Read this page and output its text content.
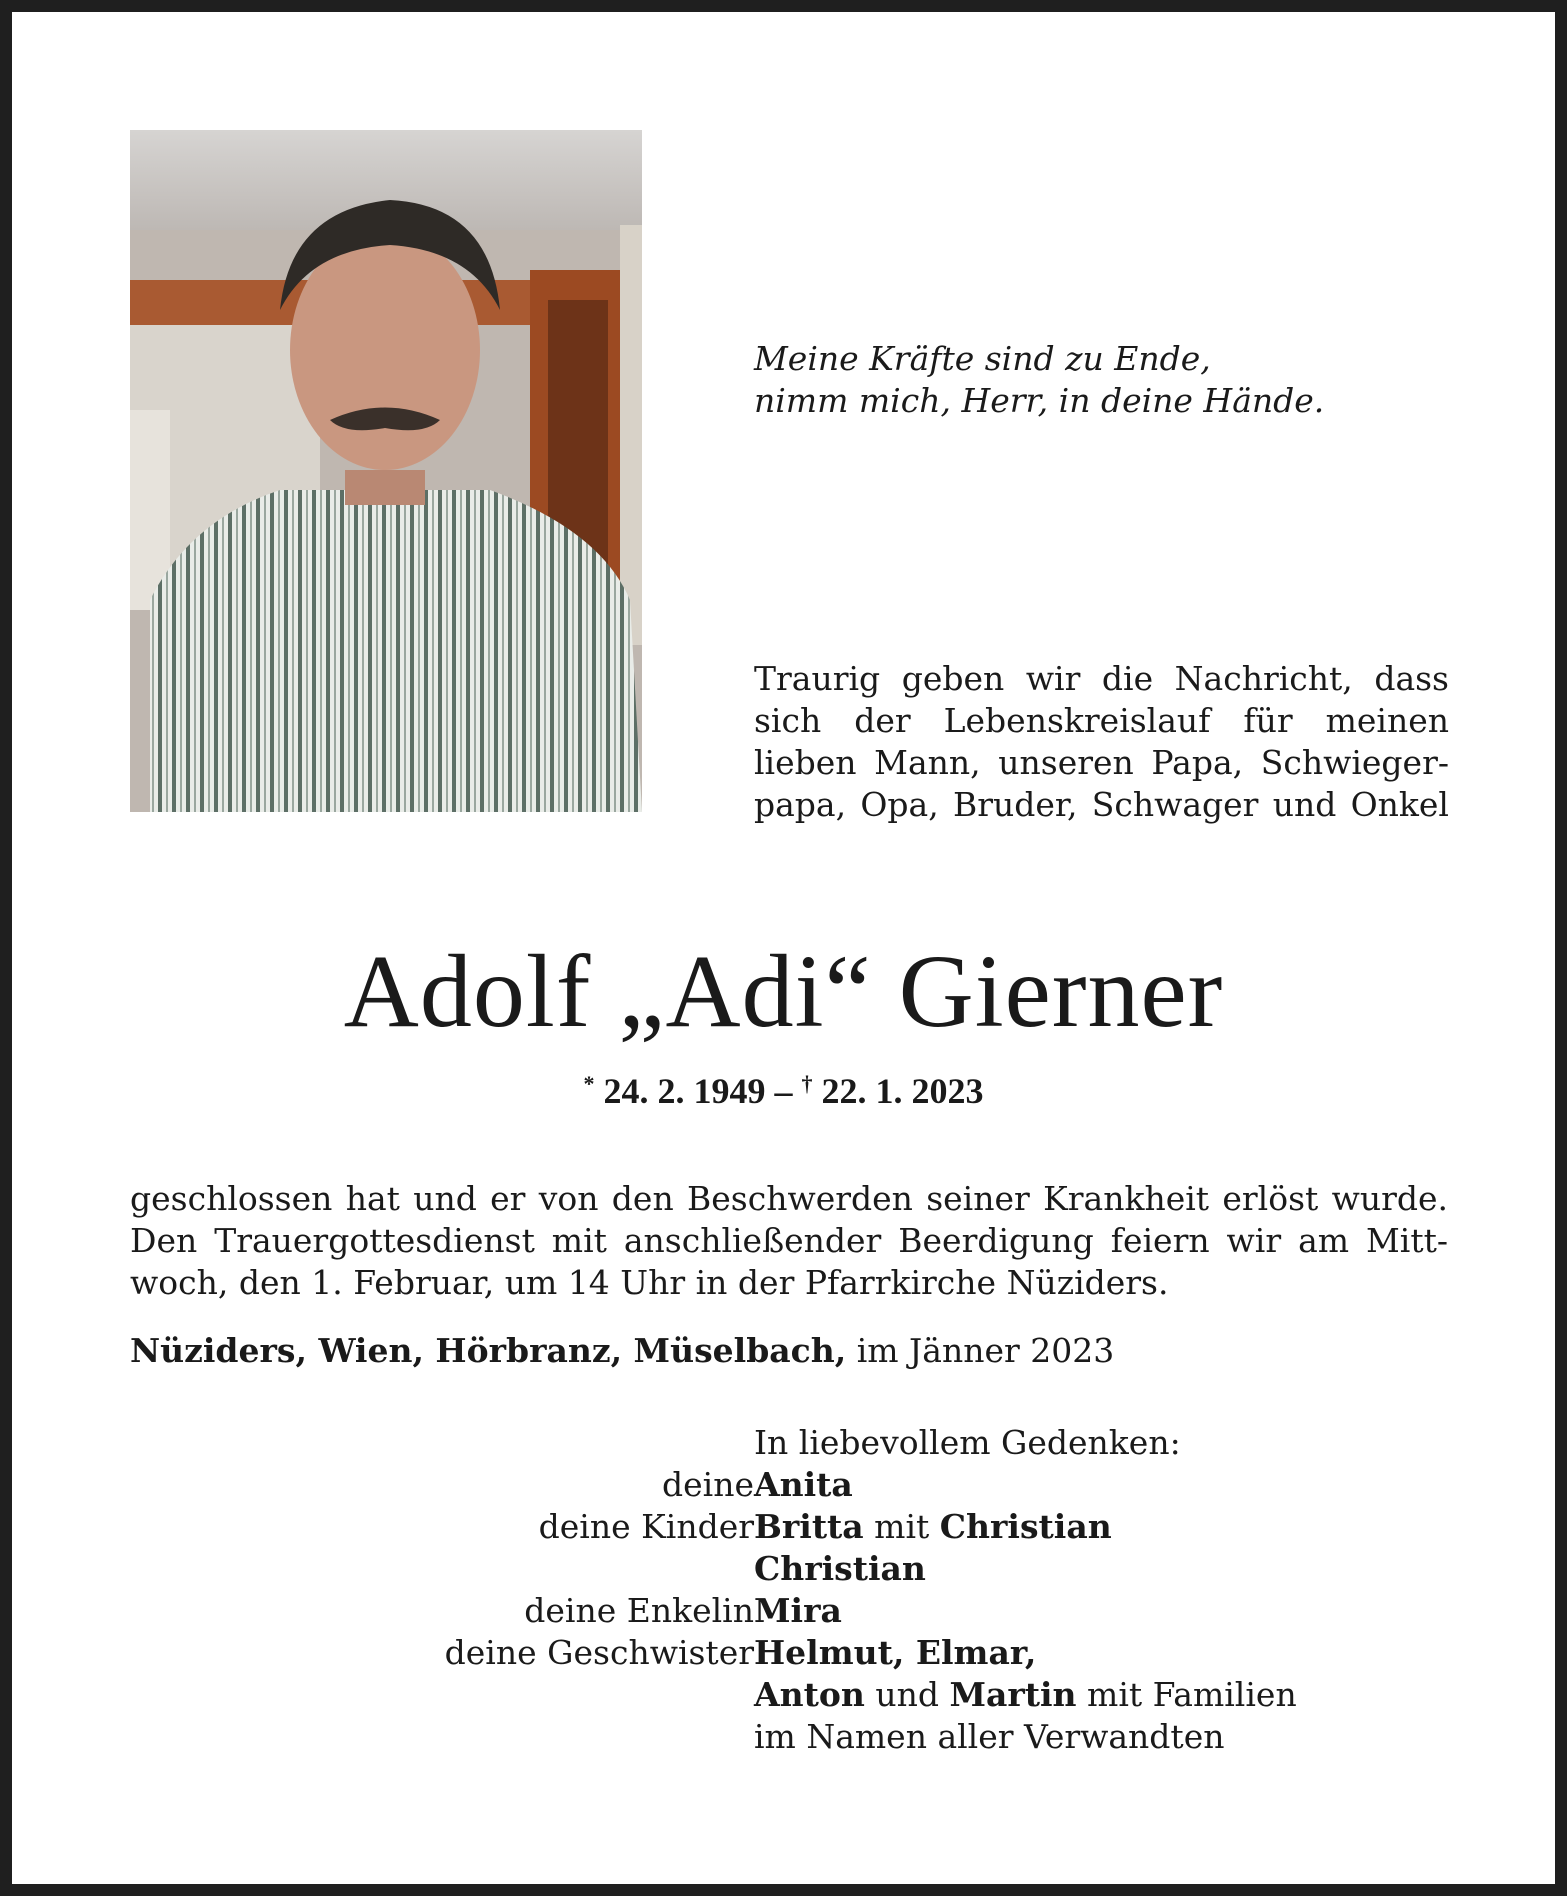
Meine Kräfte sind zu Ende,
nimm mich, Herr, in deine Hände.
Traurig geben wir die Nachricht, dass
sich der Lebenskreislauf für meinen
lieben Mann, unseren Papa, Schwieger-
papa, Opa, Bruder, Schwager und Onkel
Adolf „Adi“ Gierner
* 24. 2. 1949 – † 22. 1. 2023
geschlossen hat und er von den Beschwerden seiner Krankheit erlöst wurde.
Den Trauergottesdienst mit anschließender Beerdigung feiern wir am Mitt-
woch, den 1. Februar, um 14 Uhr in der Pfarrkirche Nüziders.
Nüziders, Wien, Hörbranz, Müselbach, im Jänner 2023
In liebevollem Gedenken:
deine Anita
deine Kinder Britta mit Christian
Christian
deine Enkelin Mira
deine Geschwister Helmut, Elmar,
Anton und Martin mit Familien
im Namen aller Verwandten
